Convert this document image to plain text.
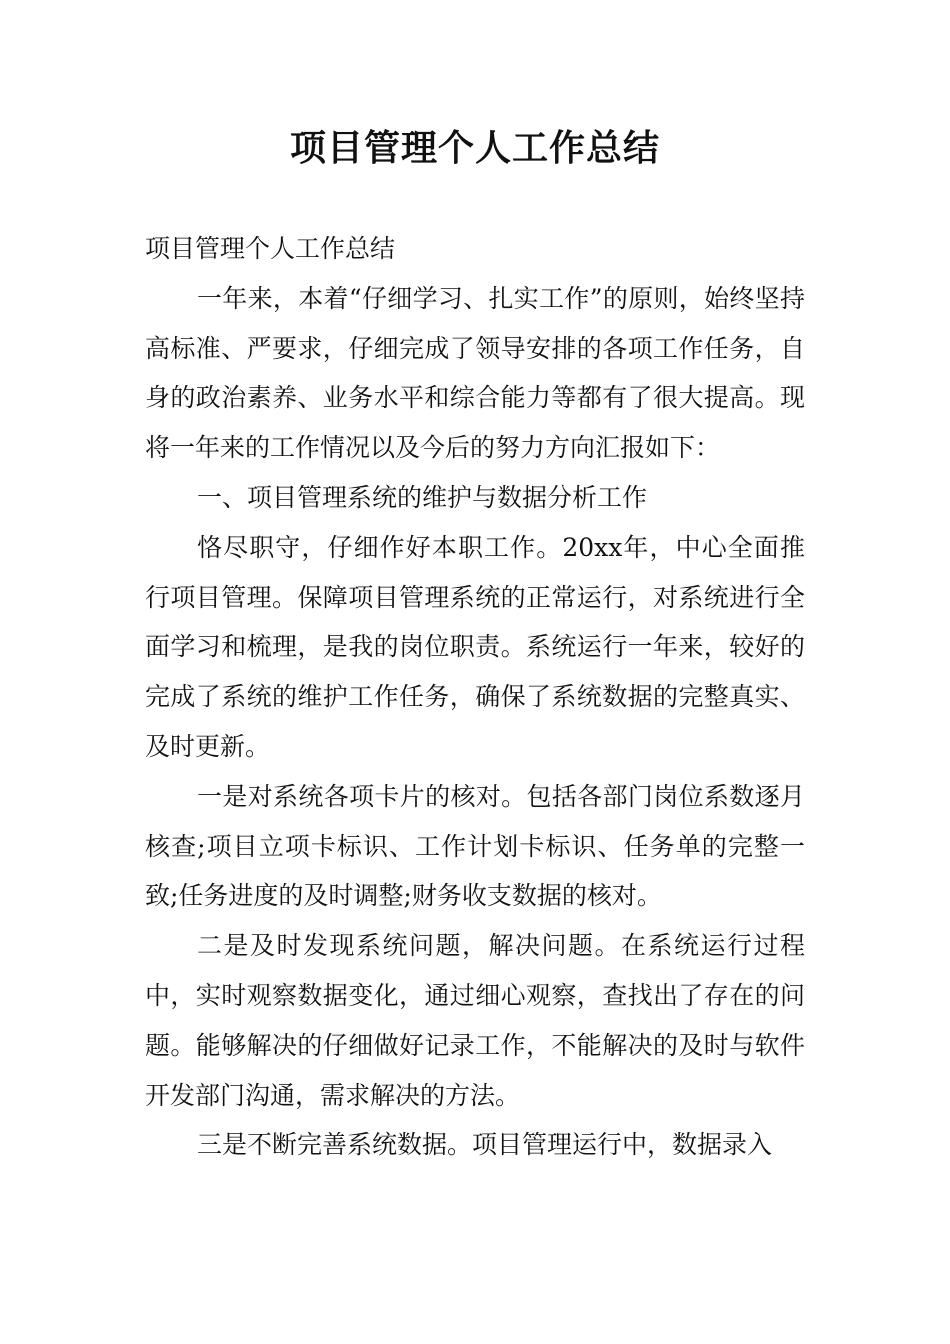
项目管理个人工作总结

项目管理个人工作总结

一年来，本着“仔细学习、扎实工作”的原则，始终坚持高标准、严要求，仔细完成了领导安排的各项工作任务，自身的政治素养、业务水平和综合能力等都有了很大提高。现将一年来的工作情况以及今后的努力方向汇报如下：

一、项目管理系统的维护与数据分析工作

恪尽职守，仔细作好本职工作。20xx年，中心全面推行项目管理。保障项目管理系统的正常运行，对系统进行全面学习和梳理，是我的岗位职责。系统运行一年来，较好的完成了系统的维护工作任务，确保了系统数据的完整真实、及时更新。

一是对系统各项卡片的核对。包括各部门岗位系数逐月核查;项目立项卡标识、工作计划卡标识、任务单的完整一致;任务进度的及时调整;财务收支数据的核对。

二是及时发现系统问题，解决问题。在系统运行过程中，实时观察数据变化，通过细心观察，查找出了存在的问题。能够解决的仔细做好记录工作，不能解决的及时与软件开发部门沟通，需求解决的方法。

三是不断完善系统数据。项目管理运行中，数据录入
